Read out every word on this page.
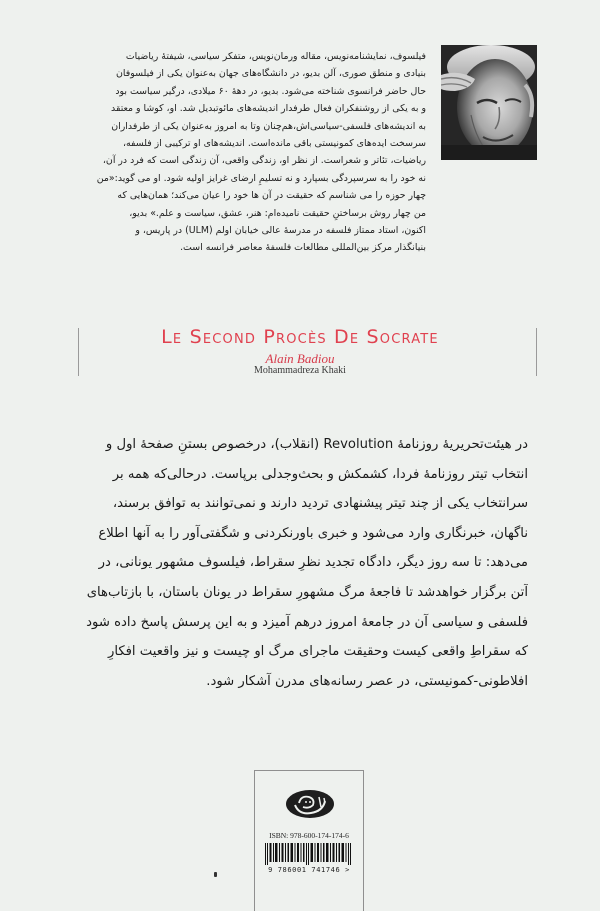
فیلسوف، نمایشنامه‌نویس، مقاله ورمان‌نویس، متفکر سیاسی، شیفتهٔ ریاضیات
بنیادی و منطق صوری، آلن بدیو، در دانشگاه‌های جهان به‌عنوان یکی از فیلسوفان
حال حاضر فرانسوی شناخته می‌شود. بدیو، در دههٔ ۶۰ میلادی، درگیر سیاست بود
و به یکی از روشنفکران فعال طرفدار اندیشه‌های مائوتبدیل شد. او، کوشا و معتقد
به اندیشه‌های فلسفی-سیاسی‌اش،هم‌چنان وتا به امروز به‌عنوان یکی از طرفداران
سرسخت ایده‌های کمونیستی باقی مانده‌است. اندیشه‌های او ترکیبی از فلسفه،
ریاضیات، تئاتر و شعراست. از نظر او، زندگی واقعی، آن زندگی است که فرد در آن،
نه خود را به سرسپردگی بسپارد و نه تسلیمِ ارضای غرایز اولیه شود. او می گوید:«من
چهار حوزه را می شناسم که حقیقت در آن ها خود را عیان می‌کند؛ همان‌هایی که
من چهار روش برساختنِ حقیقت نامیده‌ام: هنر، عشق، سیاست و علم.» بدیو،
اکنون، استاد ممتاز فلسفه در مدرسهٔ عالی خیابان اولم (ULM) در پاریس، و
بنیانگذار مرکز بین‌المللی مطالعات فلسفهٔ معاصر فرانسه است.
Le Second Procès De Socrate
Alain Badiou
Mohammadreza Khaki
در هیئت‌تحریریهٔ روزنامهٔ Revolution (انقلاب)، درخصوص بستنِ صفحهٔ اول و
انتخاب تیتر روزنامهٔ فردا، کشمکش و بحث‌وجدلی برپاست. درحالی‌که همه بر
سرانتخاب یکی از چند تیتر پیشنهادی تردید دارند و نمی‌توانند به توافق برسند،
ناگهان، خبرنگاری وارد می‌شود و خبری باورنکردنی و شگفتی‌آور را به آنها اطلاع
می‌دهد: تا سه روز دیگر، دادگاه تجدید نظرِ سقراط، فیلسوف مشهور یونانی، در
آتن برگزار خواهدشد تا فاجعهٔ مرگ مشهورِ سقراط در یونان باستان، با بازتاب‌های
فلسفی و سیاسی آن در جامعهٔ امروز درهم آمیزد و به این پرسش پاسخ داده شود
که سقراطِ واقعی کیست وحقیقت ماجرای مرگ او چیست و نیز واقعیت افکارِ
افلاطونی-کمونیستی، در عصر رسانه‌های مدرن آشکار شود.
ISBN: 978-600-174-174-6
9 786001 741746 >
